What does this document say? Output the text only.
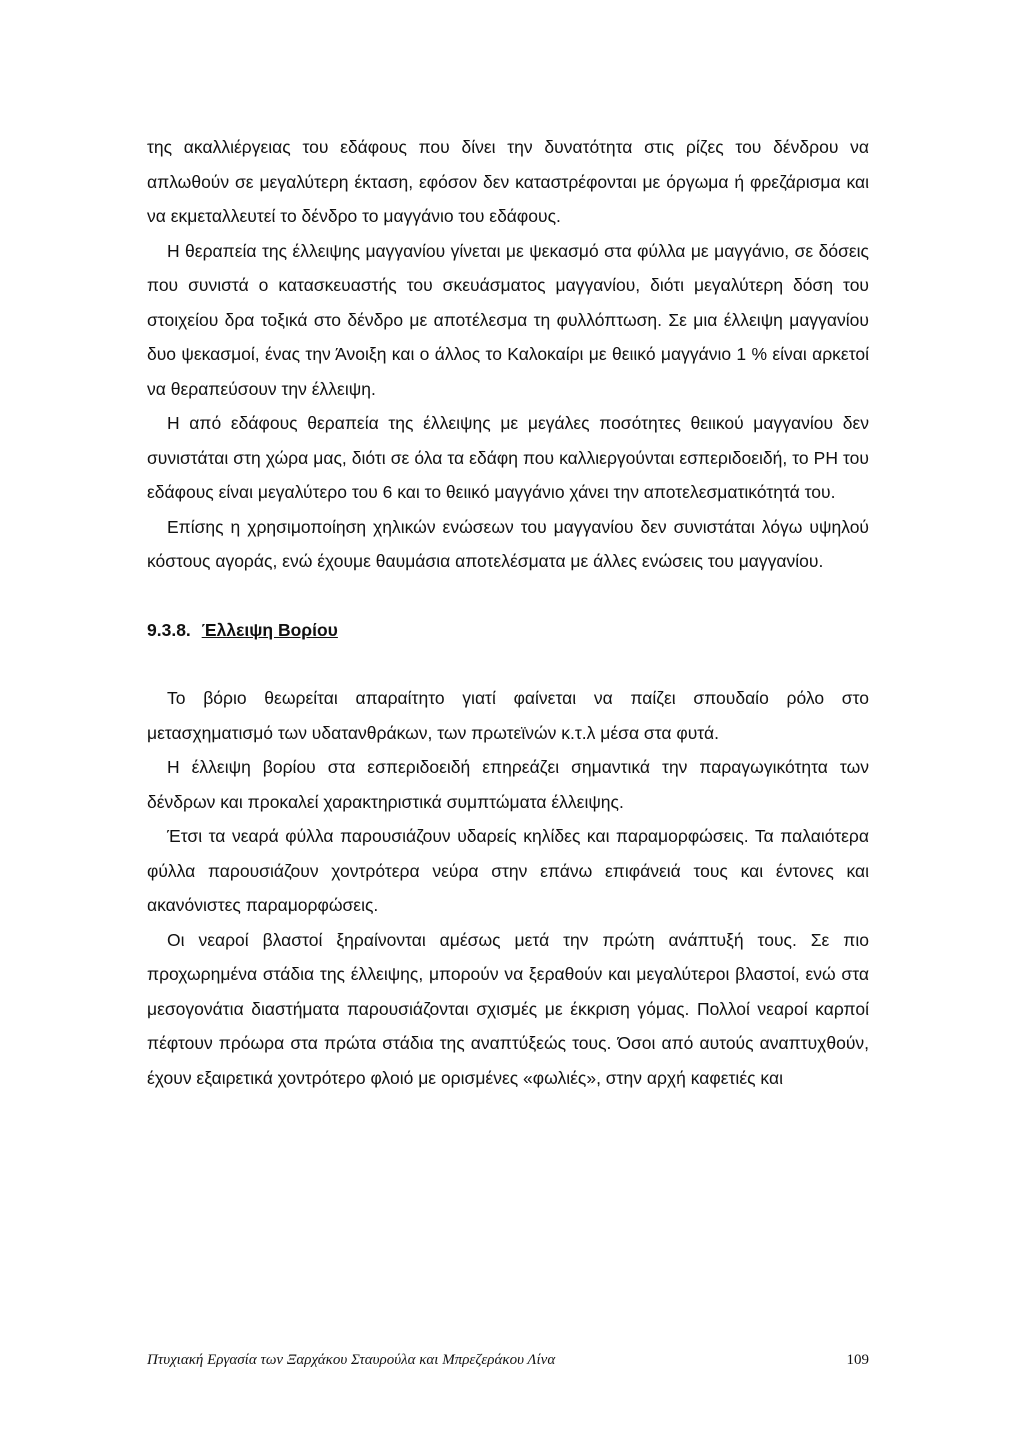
της ακαλλιέργειας του εδάφους που δίνει την δυνατότητα στις ρίζες του δένδρου να απλωθούν σε μεγαλύτερη έκταση, εφόσον δεν καταστρέφονται με όργωμα ή φρεζάρισμα και να εκμεταλλευτεί το δένδρο το μαγγάνιο του εδάφους.

Η θεραπεία της έλλειψης μαγγανίου γίνεται με ψεκασμό στα φύλλα με μαγγάνιο, σε δόσεις που συνιστά ο κατασκευαστής του σκευάσματος μαγγανίου, διότι μεγαλύτερη δόση του στοιχείου δρα τοξικά στο δένδρο με αποτέλεσμα τη φυλλόπτωση. Σε μια έλλειψη μαγγανίου δυο ψεκασμοί, ένας την Άνοιξη και ο άλλος το Καλοκαίρι με θειικό μαγγάνιο 1 % είναι αρκετοί να θεραπεύσουν την έλλειψη.

Η από εδάφους θεραπεία της έλλειψης με μεγάλες ποσότητες θειικού μαγγανίου δεν συνιστάται στη χώρα μας, διότι σε όλα τα εδάφη που καλλιεργούνται εσπεριδοειδή, το PH του εδάφους είναι μεγαλύτερο του 6 και το θειικό μαγγάνιο χάνει την αποτελεσματικότητά του.

Επίσης η χρησιμοποίηση χηλικών ενώσεων του μαγγανίου δεν συνιστάται λόγω υψηλού κόστους αγοράς, ενώ έχουμε θαυμάσια αποτελέσματα με άλλες ενώσεις του μαγγανίου.

9.3.8. Έλλειψη Βορίου

Το βόριο θεωρείται απαραίτητο γιατί φαίνεται να παίζει σπουδαίο ρόλο στο μετασχηματισμό των υδατανθράκων, των πρωτεϊνών κ.τ.λ μέσα στα φυτά.

Η έλλειψη βορίου στα εσπεριδοειδή επηρεάζει σημαντικά την παραγωγικότητα των δένδρων και προκαλεί χαρακτηριστικά συμπτώματα έλλειψης.

Έτσι τα νεαρά φύλλα παρουσιάζουν υδαρείς κηλίδες και παραμορφώσεις. Τα παλαιότερα φύλλα παρουσιάζουν χοντρότερα νεύρα στην επάνω επιφάνειά τους και έντονες και ακανόνιστες παραμορφώσεις.

Οι νεαροί βλαστοί ξηραίνονται αμέσως μετά την πρώτη ανάπτυξή τους. Σε πιο προχωρημένα στάδια της έλλειψης, μπορούν να ξεραθούν και μεγαλύτεροι βλαστοί, ενώ στα μεσογονάτια διαστήματα παρουσιάζονται σχισμές με έκκριση γόμας. Πολλοί νεαροί καρποί πέφτουν πρόωρα στα πρώτα στάδια της αναπτύξεώς τους. Όσοι από αυτούς αναπτυχθούν, έχουν εξαιρετικά χοντρότερο φλοιό με ορισμένες «φωλιές», στην αρχή καφετιές και

Πτυχιακή Εργασία των Ξαρχάκου Σταυρούλα και Μπρεζεράκου Λίνα	109
